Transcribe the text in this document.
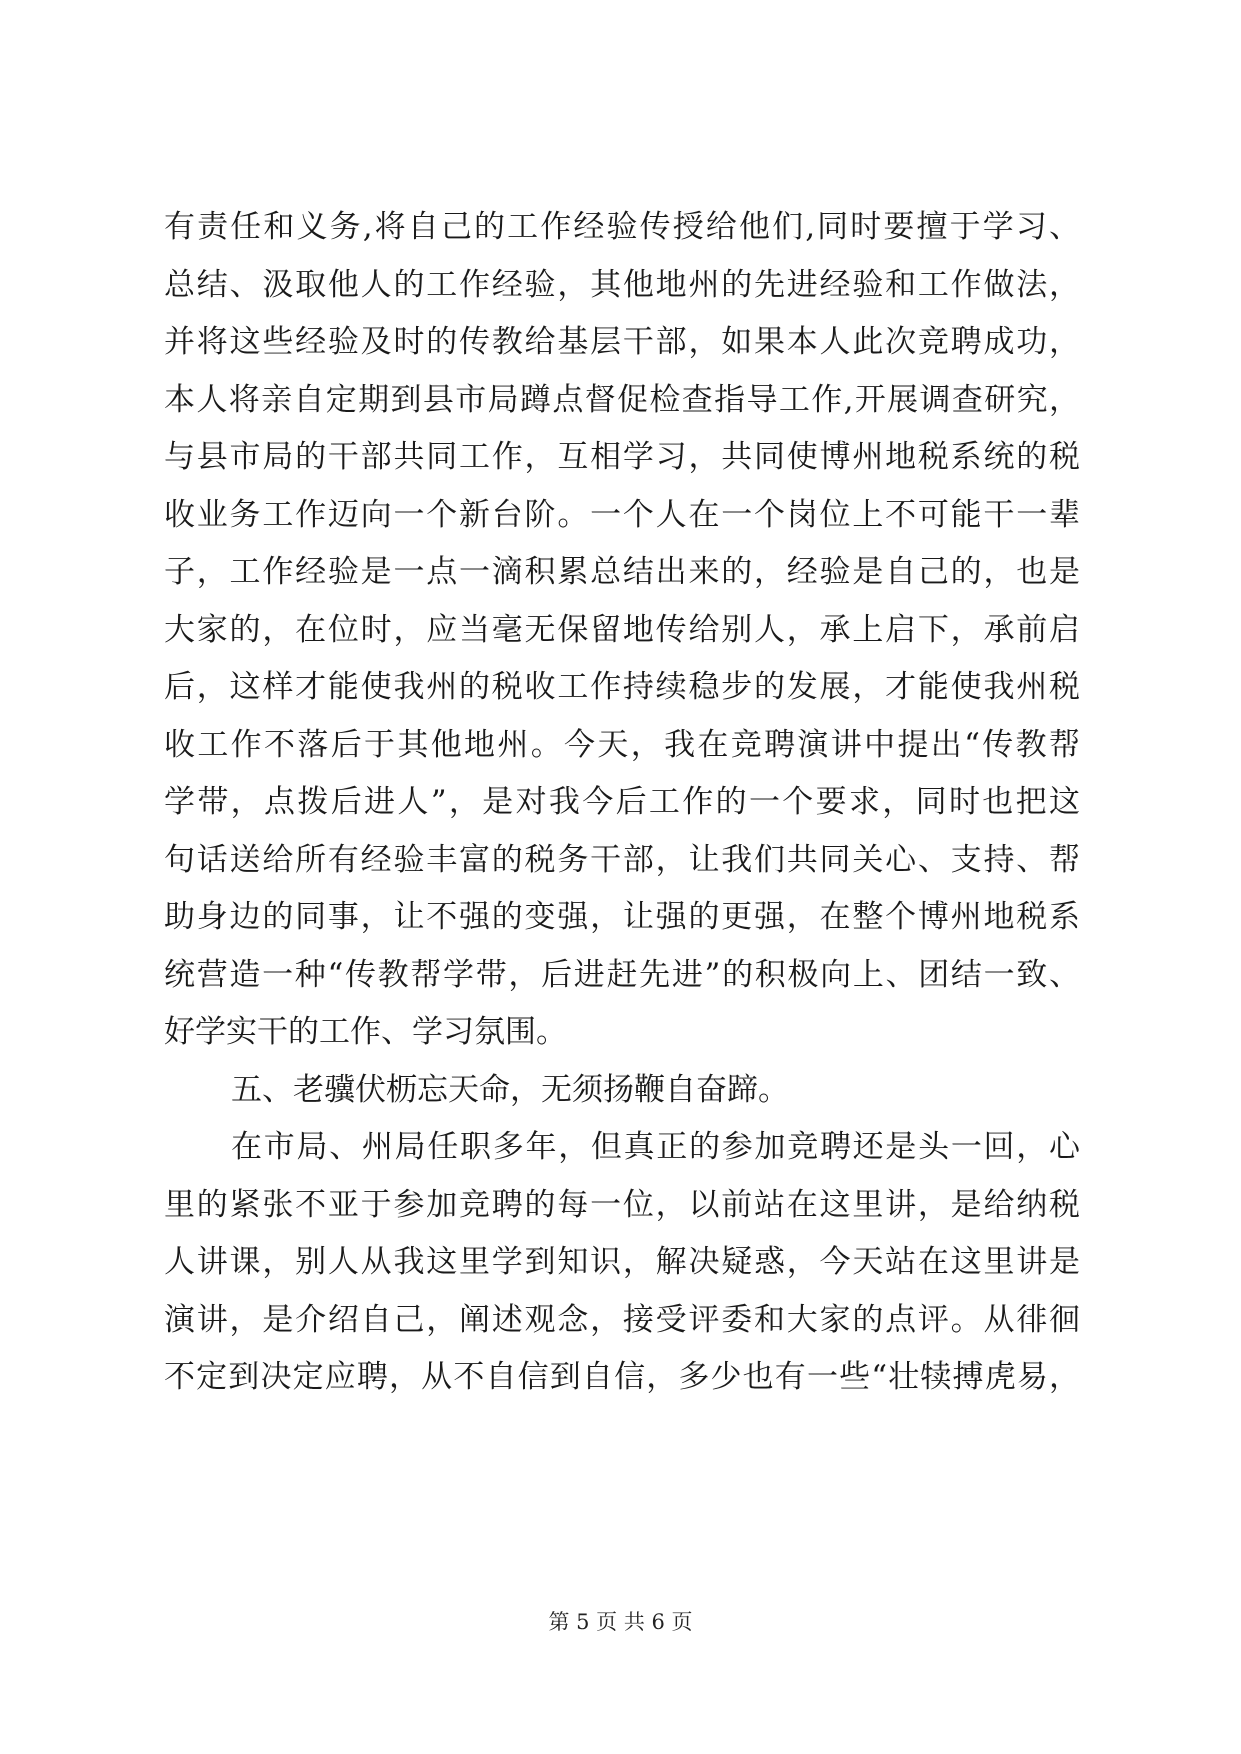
有责任和义务,将自己的工作经验传授给他们,同时要擅于学习、
总结、汲取他人的工作经验，其他地州的先进经验和工作做法，
并将这些经验及时的传教给基层干部，如果本人此次竞聘成功，
本人将亲自定期到县市局蹲点督促检查指导工作,开展调查研究，
与县市局的干部共同工作，互相学习，共同使博州地税系统的税
收业务工作迈向一个新台阶。一个人在一个岗位上不可能干一辈
子，工作经验是一点一滴积累总结出来的，经验是自己的，也是
大家的，在位时，应当毫无保留地传给别人，承上启下，承前启
后，这样才能使我州的税收工作持续稳步的发展，才能使我州税
收工作不落后于其他地州。今天，我在竞聘演讲中提出“传教帮
学带，点拨后进人”，是对我今后工作的一个要求，同时也把这
句话送给所有经验丰富的税务干部，让我们共同关心、支持、帮
助身边的同事，让不强的变强，让强的更强，在整个博州地税系
统营造一种“传教帮学带，后进赶先进”的积极向上、团结一致、
好学实干的工作、学习氛围。
五、老骥伏枥忘天命，无须扬鞭自奋蹄。
在市局、州局任职多年，但真正的参加竞聘还是头一回，心
里的紧张不亚于参加竞聘的每一位，以前站在这里讲，是给纳税
人讲课，别人从我这里学到知识，解决疑惑，今天站在这里讲是
演讲，是介绍自己，阐述观念，接受评委和大家的点评。从徘徊
不定到决定应聘，从不自信到自信，多少也有一些“壮犊搏虎易，
第 5 页 共 6 页
